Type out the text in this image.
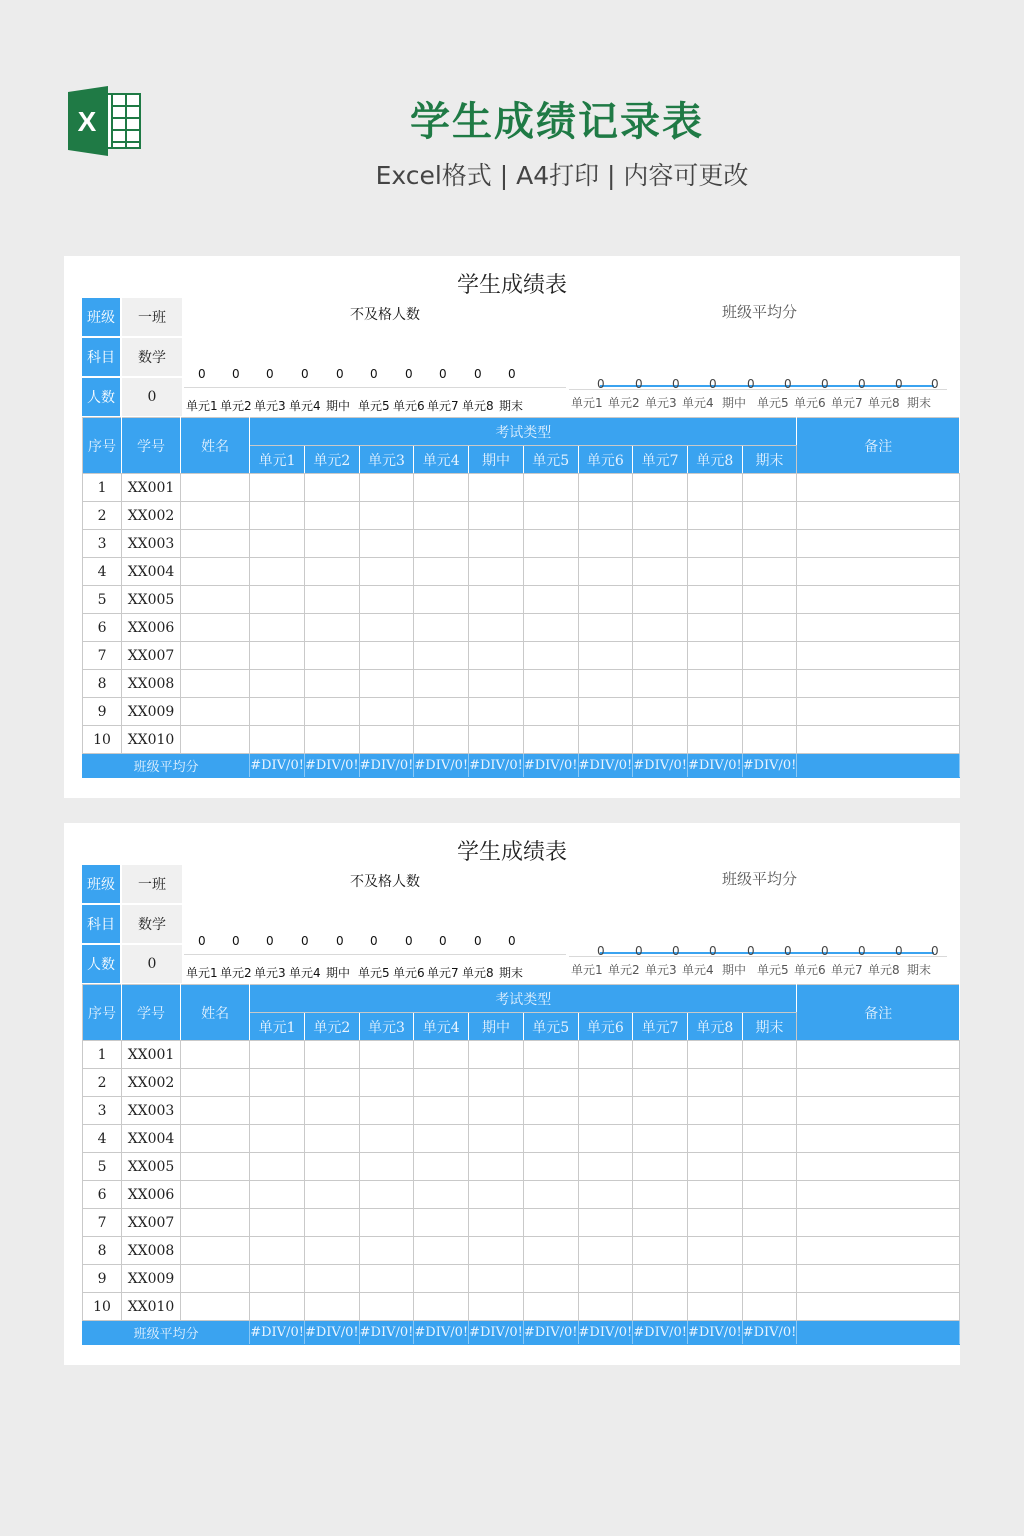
X	学生成绩记录表
Excel格式 | A4打印 | 内容可更改
学生成绩表
班级	一班
科目	数学
人数	0
不及格人数
0 0 0 0 0 0 0 0 0 0
单元1 单元2 单元3 单元4 期中 单元5 单元6 单元7 单元8 期末
班级平均分
0	0 0 0	0 0 0 0 0 0
单元1 单元2 单元3 单元4 期中 单元5 单元6 单元7 单元8 期末
序号	学号	姓名	考试类型										备注
			单元1	单元2	单元3	单元4	期中	单元5	单元6	单元7	单元8	期末	
1	XX001												
2	XX002												
3	XX003												
4	XX004												
5	XX005												
6	XX006												
7	XX007												
8	XX008												
9	XX009												
10	XX010												
班级平均分			#DIV/0!	#DIV/0!	#DIV/0!	#DIV/0!	#DIV/0!	#DIV/0!	#DIV/0!	#DIV/0!	#DIV/0!	#DIV/0!	
学生成绩表
班级	一班
科目	数学
人数	0
不及格人数
0 0 0 0 0 0 0 0 0 0
单元1 单元2 单元3 单元4 期中 单元5 单元6 单元7 单元8 期末
班级平均分
0	0 0 0	0 0 0 0 0 0
单元1 单元2 单元3 单元4 期中 单元5 单元6 单元7 单元8 期末
序号	学号	姓名	考试类型										备注
			单元1	单元2	单元3	单元4	期中	单元5	单元6	单元7	单元8	期末	
1	XX001												
2	XX002												
3	XX003												
4	XX004												
5	XX005												
6	XX006												
7	XX007												
8	XX008												
9	XX009												
10	XX010												
班级平均分			#DIV/0!	#DIV/0!	#DIV/0!	#DIV/0!	#DIV/0!	#DIV/0!	#DIV/0!	#DIV/0!	#DIV/0!	#DIV/0!	
